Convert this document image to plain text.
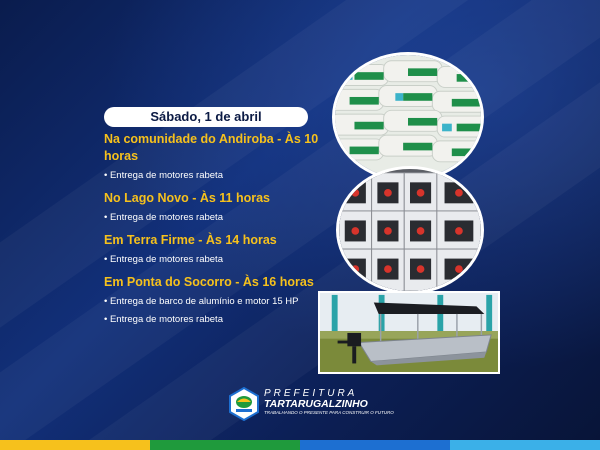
Sábado, 1 de abril
Na comunidade do Andiroba - Às 10 horas
• Entrega de motores rabeta
No Lago Novo - Às 11 horas
• Entrega de motores rabeta
Em Terra Firme - Às 14 horas
• Entrega de motores rabeta
Em Ponta do Socorro - Às 16 horas
• Entrega de barco de alumínio e motor 15 HP
• Entrega de motores rabeta
PREFEITURA
TARTARUGALZINHO
TRABALHANDO O PRESENTE PARA CONSTRUIR O FUTURO
